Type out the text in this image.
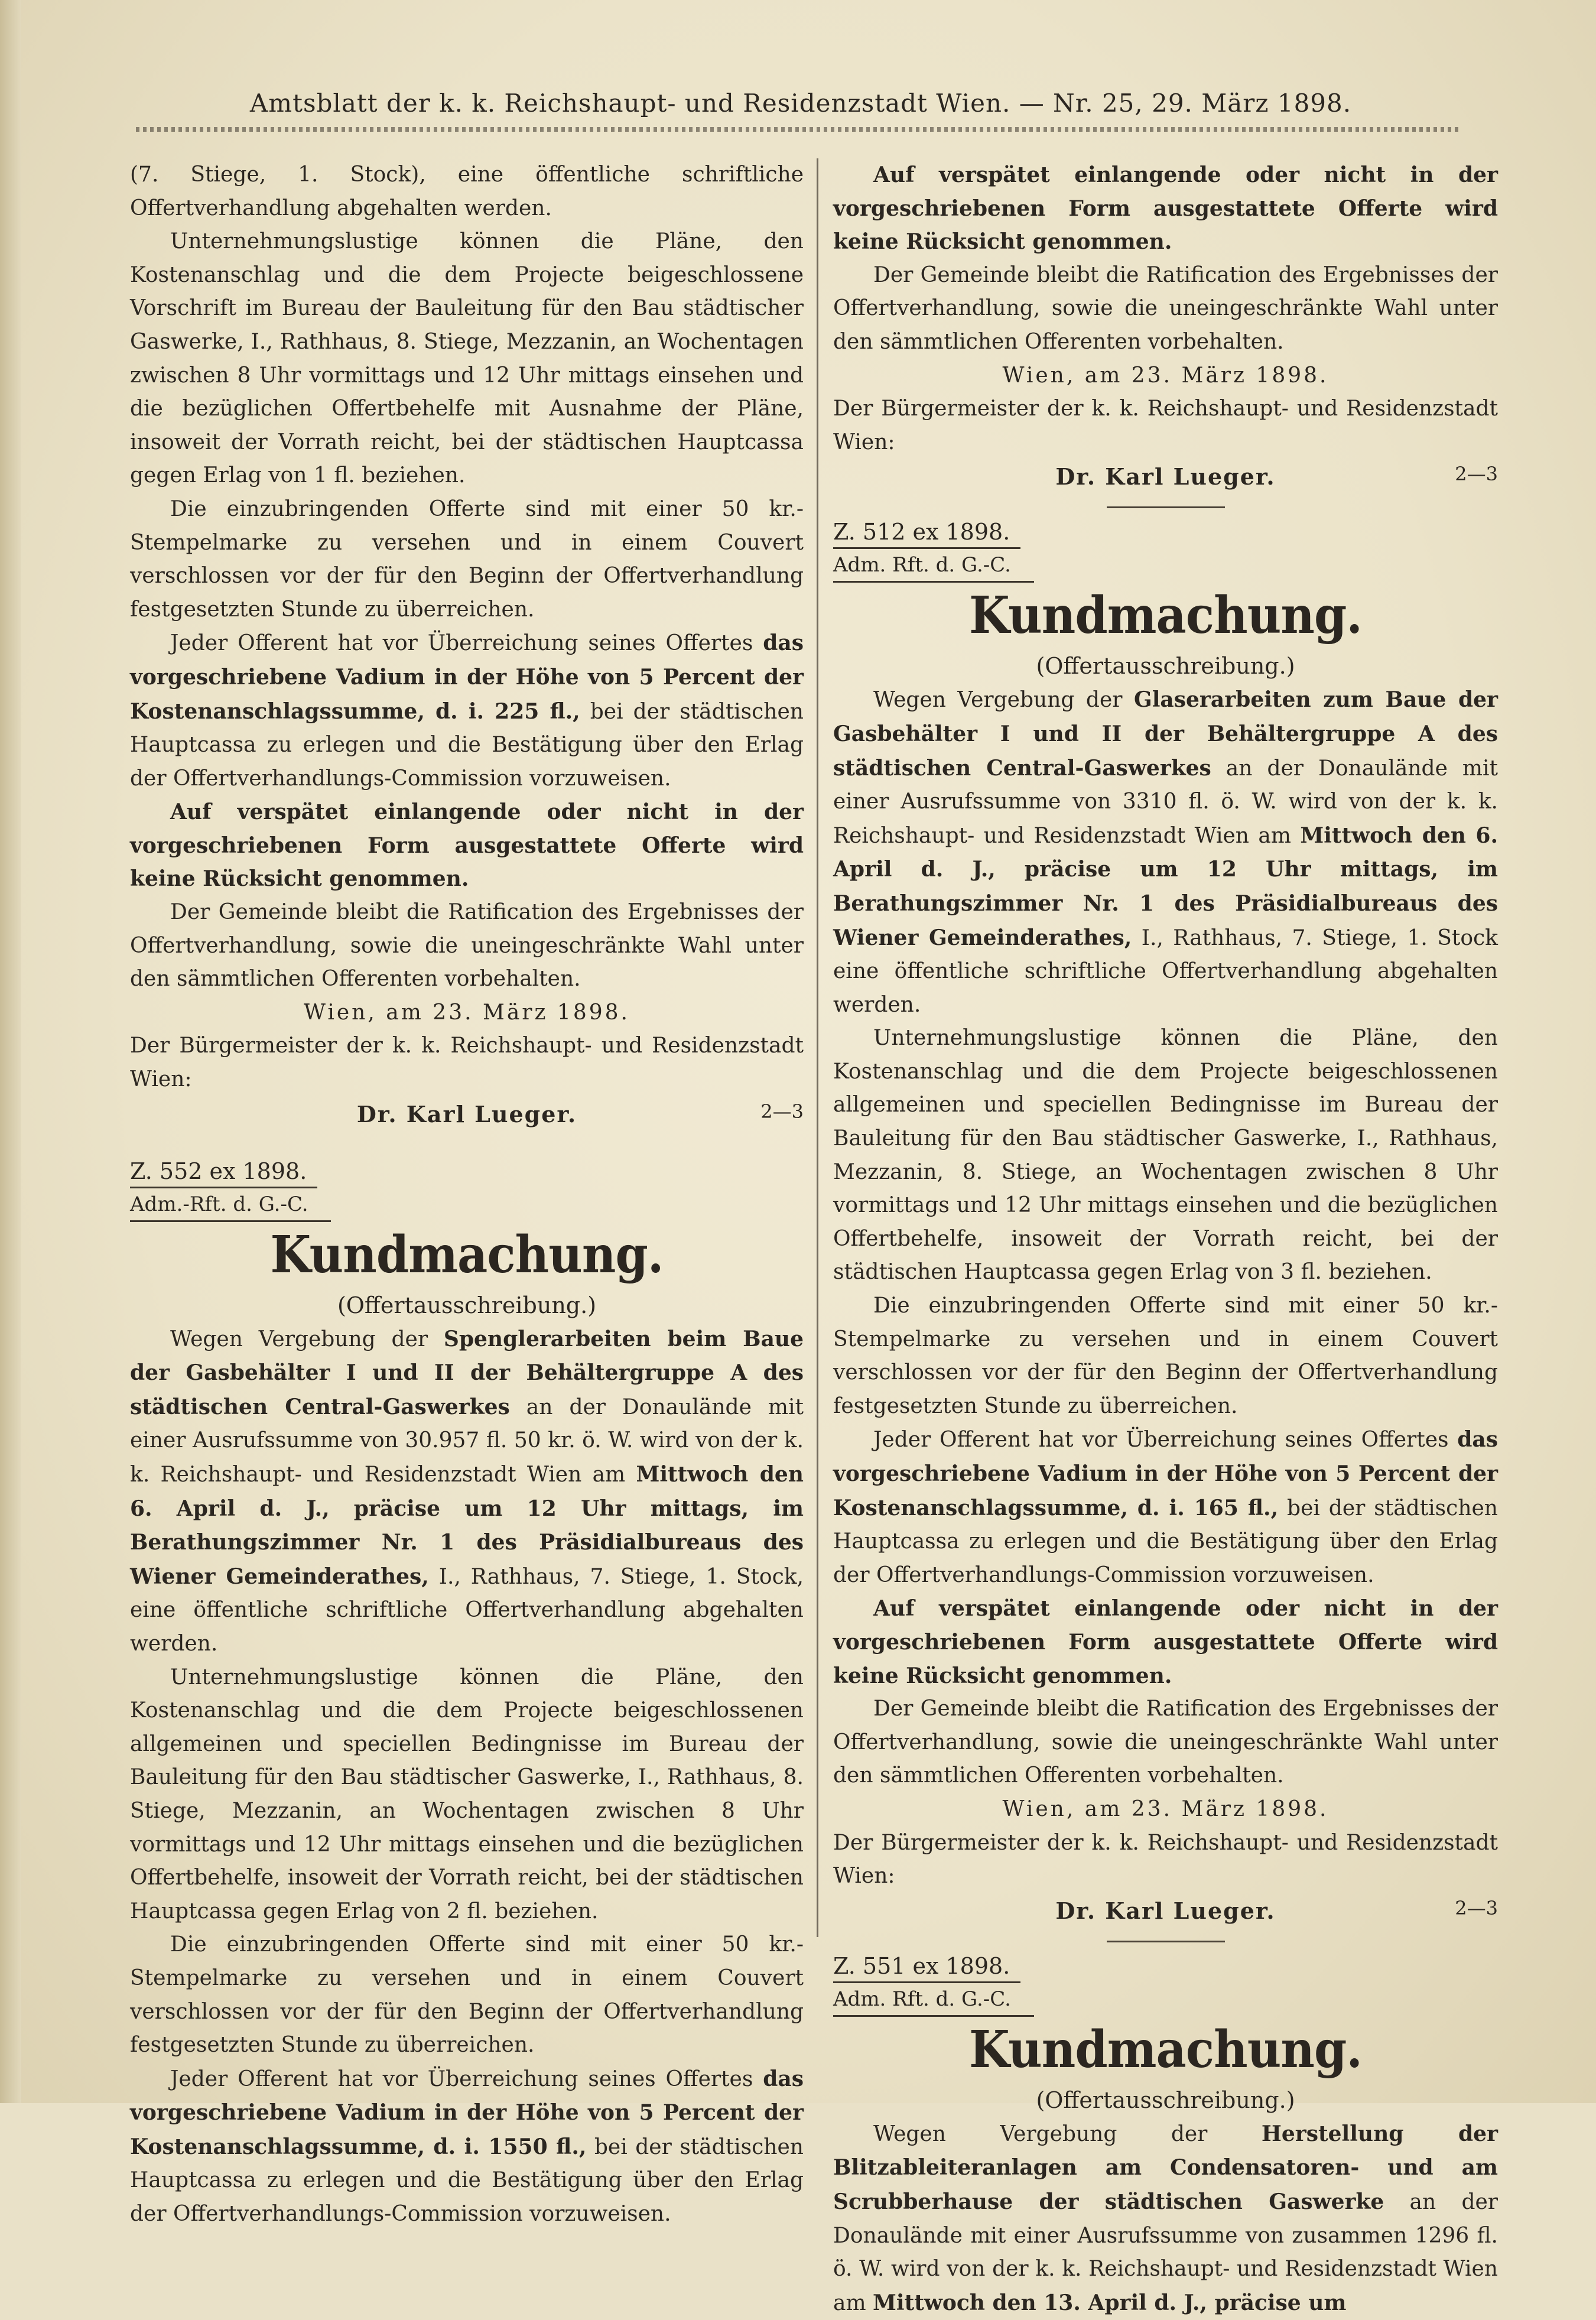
Amtsblatt der k. k. Reichshaupt- und Residenzstadt Wien. — Nr. 25, 29. März 1898.

(7. Stiege, 1. Stock), eine öffentliche schriftliche Offertverhandlung abgehalten werden.

Unternehmungslustige können die Pläne, den Kostenanschlag und die dem Projecte beigeschlossene Vorschrift im Bureau der Bauleitung für den Bau städtischer Gaswerke, I., Rathhaus, 8. Stiege, Mezzanin, an Wochentagen zwischen 8 Uhr vormittags und 12 Uhr mittags einsehen und die bezüglichen Offertbehelfe mit Ausnahme der Pläne, insoweit der Vorrath reicht, bei der städtischen Hauptcassa gegen Erlag von 1 fl. beziehen.

Die einzubringenden Offerte sind mit einer 50 kr.-Stempelmarke zu versehen und in einem Couvert verschlossen vor der für den Beginn der Offertverhandlung festgesetzten Stunde zu überreichen.

Jeder Offerent hat vor Überreichung seines Offertes das vorgeschriebene Vadium in der Höhe von 5 Percent der Kostenanschlagssumme, d. i. 225 fl., bei der städtischen Hauptcassa zu erlegen und die Bestätigung über den Erlag der Offertverhandlungs-Commission vorzuweisen.

Auf verspätet einlangende oder nicht in der vorgeschriebenen Form ausgestattete Offerte wird keine Rücksicht genommen.

Der Gemeinde bleibt die Ratification des Ergebnisses der Offertverhandlung, sowie die uneingeschränkte Wahl unter den sämmtlichen Offerenten vorbehalten.

Wien, am 23. März 1898.

Der Bürgermeister der k. k. Reichshaupt- und Residenzstadt Wien:

Dr. Karl Lueger.	2—3
Z. 552 ex 1898.
Adm.-Rft. d. G.-C.
Kundmachung.
(Offertausschreibung.)

Wegen Vergebung der Spenglerarbeiten beim Baue der Gasbehälter I und II der Behältergruppe A des städtischen Central-Gaswerkes an der Donaulände mit einer Ausrufssumme von 30.957 fl. 50 kr. ö. W. wird von der k. k. Reichshaupt- und Residenzstadt Wien am Mittwoch den 6. April d. J., präcise um 12 Uhr mittags, im Berathungszimmer Nr. 1 des Präsidialbureaus des Wiener Gemeinderathes, I., Rathhaus, 7. Stiege, 1. Stock, eine öffentliche schriftliche Offertverhandlung abgehalten werden.

Unternehmungslustige können die Pläne, den Kostenanschlag und die dem Projecte beigeschlossenen allgemeinen und speciellen Bedingnisse im Bureau der Bauleitung für den Bau städtischer Gaswerke, I., Rathhaus, 8. Stiege, Mezzanin, an Wochentagen zwischen 8 Uhr vormittags und 12 Uhr mittags einsehen und die bezüglichen Offertbehelfe, insoweit der Vorrath reicht, bei der städtischen Hauptcassa gegen Erlag von 2 fl. beziehen.

Die einzubringenden Offerte sind mit einer 50 kr.-Stempelmarke zu versehen und in einem Couvert verschlossen vor der für den Beginn der Offertverhandlung festgesetzten Stunde zu überreichen.

Jeder Offerent hat vor Überreichung seines Offertes das vorgeschriebene Vadium in der Höhe von 5 Percent der Kostenanschlagssumme, d. i. 1550 fl., bei der städtischen Hauptcassa zu erlegen und die Bestätigung über den Erlag der Offertverhandlungs-Commission vorzuweisen.

Auf verspätet einlangende oder nicht in der vorgeschriebenen Form ausgestattete Offerte wird keine Rücksicht genommen.

Der Gemeinde bleibt die Ratification des Ergebnisses der Offertverhandlung, sowie die uneingeschränkte Wahl unter den sämmtlichen Offerenten vorbehalten.

Wien, am 23. März 1898.

Der Bürgermeister der k. k. Reichshaupt- und Residenzstadt Wien:

Dr. Karl Lueger.	2—3
Z. 512 ex 1898.
Adm. Rft. d. G.-C.
Kundmachung.
(Offertausschreibung.)

Wegen Vergebung der Glaserarbeiten zum Baue der Gasbehälter I und II der Behältergruppe A des städtischen Central-Gaswerkes an der Donaulände mit einer Ausrufssumme von 3310 fl. ö. W. wird von der k. k. Reichshaupt- und Residenzstadt Wien am Mittwoch den 6. April d. J., präcise um 12 Uhr mittags, im Berathungszimmer Nr. 1 des Präsidialbureaus des Wiener Gemeinderathes, I., Rathhaus, 7. Stiege, 1. Stock eine öffentliche schriftliche Offertverhandlung abgehalten werden.

Unternehmungslustige können die Pläne, den Kostenanschlag und die dem Projecte beigeschlossenen allgemeinen und speciellen Bedingnisse im Bureau der Bauleitung für den Bau städtischer Gaswerke, I., Rathhaus, Mezzanin, 8. Stiege, an Wochentagen zwischen 8 Uhr vormittags und 12 Uhr mittags einsehen und die bezüglichen Offertbehelfe, insoweit der Vorrath reicht, bei der städtischen Hauptcassa gegen Erlag von 3 fl. beziehen.

Die einzubringenden Offerte sind mit einer 50 kr.-Stempelmarke zu versehen und in einem Couvert verschlossen vor der für den Beginn der Offertverhandlung festgesetzten Stunde zu überreichen.

Jeder Offerent hat vor Überreichung seines Offertes das vorgeschriebene Vadium in der Höhe von 5 Percent der Kostenanschlagssumme, d. i. 165 fl., bei der städtischen Hauptcassa zu erlegen und die Bestätigung über den Erlag der Offertverhandlungs-Commission vorzuweisen.

Auf verspätet einlangende oder nicht in der vorgeschriebenen Form ausgestattete Offerte wird keine Rücksicht genommen.

Der Gemeinde bleibt die Ratification des Ergebnisses der Offertverhandlung, sowie die uneingeschränkte Wahl unter den sämmtlichen Offerenten vorbehalten.

Wien, am 23. März 1898.

Der Bürgermeister der k. k. Reichshaupt- und Residenzstadt Wien:

Dr. Karl Lueger.	2—3
Z. 551 ex 1898.
Adm. Rft. d. G.-C.
Kundmachung.
(Offertausschreibung.)

Wegen Vergebung der Herstellung der Blitzableiteranlagen am Condensatoren- und am Scrubberhause der städtischen Gaswerke an der Donaulände mit einer Ausrufssumme von zusammen 1296 fl. ö. W. wird von der k. k. Reichshaupt- und Residenzstadt Wien am Mittwoch den 13. April d. J., präcise um
